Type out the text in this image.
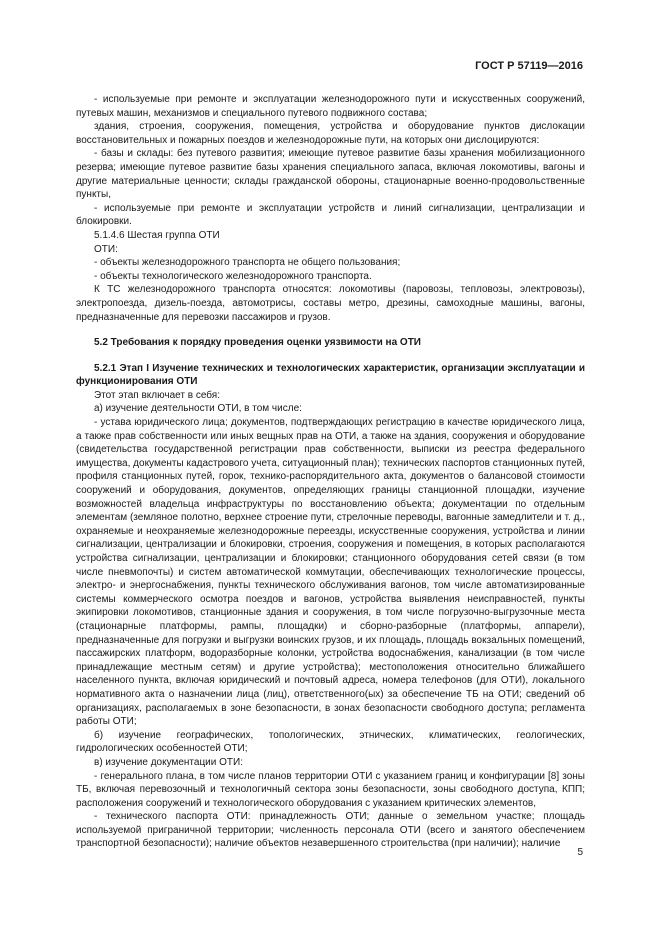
ГОСТ Р 57119—2016

- используемые при ремонте и эксплуатации железнодорожного пути и искусственных сооружений, путевых машин, механизмов и специального путевого подвижного состава;

здания, строения, сооружения, помещения, устройства и оборудование пунктов дислокации восстановительных и пожарных поездов и железнодорожные пути, на которых они дислоцируются:

- базы и склады: без путевого развития; имеющие путевое развитие базы хранения мобилизационного резерва; имеющие путевое развитие базы хранения специального запаса, включая локомотивы, вагоны и другие материальные ценности; склады гражданской обороны, стационарные военно-продовольственные пункты,

- используемые при ремонте и эксплуатации устройств и линий сигнализации, централизации и блокировки.

5.1.4.6 Шестая группа ОТИ

ОТИ:

- объекты железнодорожного транспорта не общего пользования;

- объекты технологического железнодорожного транспорта.

К ТС железнодорожного транспорта относятся: локомотивы (паровозы, тепловозы, электровозы), электропоезда, дизель-поезда, автомотрисы, составы метро, дрезины, самоходные машины, вагоны, предназначенные для перевозки пассажиров и грузов.

5.2 Требования к порядку проведения оценки уязвимости на ОТИ

5.2.1 Этап I Изучение технических и технологических характеристик, организации эксплуатации и функционирования ОТИ

Этот этап включает в себя:

а) изучение деятельности ОТИ, в том числе:

- устава юридического лица; документов, подтверждающих регистрацию в качестве юридического лица, а также прав собственности или иных вещных прав на ОТИ, а также на здания, сооружения и оборудование (свидетельства государственной регистрации прав собственности, выписки из реестра федерального имущества, документы кадастрового учета, ситуационный план); технических паспортов станционных путей, профиля станционных путей, горок, технико-распорядительного акта, документов о балансовой стоимости сооружений и оборудования, документов, определяющих границы станционной площадки, изучение возможностей владельца инфраструктуры по восстановлению объекта; документации по отдельным элементам (земляное полотно, верхнее строение пути, стрелочные переводы, вагонные замедлители и т. д., охраняемые и неохраняемые железнодорожные переезды, искусственные сооружения, устройства и линии сигнализации, централизации и блокировки, строения, сооружения и помещения, в которых располагаются устройства сигнализации, централизации и блокировки; станционного оборудования сетей связи (в том числе пневмопочты) и систем автоматической коммутации, обеспечивающих технологические процессы, электро- и энергоснабжения, пункты технического обслуживания вагонов, том числе автоматизированные системы коммерческого осмотра поездов и вагонов, устройства выявления неисправностей, пункты экипировки локомотивов, станционные здания и сооружения, в том числе погрузочно-выгрузочные места (стационарные платформы, рампы, площадки) и сборно-разборные (платформы, аппарели), предназначенные для погрузки и выгрузки воинских грузов, и их площадь, площадь вокзальных помещений, пассажирских платформ, водоразборные колонки, устройства водоснабжения, канализации (в том числе принадлежащие местным сетям) и другие устройства); местоположения относительно ближайшего населенного пункта, включая юридический и почтовый адреса, номера телефонов (для ОТИ), локального нормативного акта о назначении лица (лиц), ответственного(ых) за обеспечение ТБ на ОТИ; сведений об организациях, располагаемых в зоне безопасности, в зонах безопасности свободного доступа; регламента работы ОТИ;

б) изучение географических, топологических, этнических, климатических, геологических, гидрологических особенностей ОТИ;

в) изучение документации ОТИ:

- генерального плана, в том числе планов территории ОТИ с указанием границ и конфигурации [8] зоны ТБ, включая перевозочный и технологичный сектора зоны безопасности, зоны свободного доступа, КПП; расположения сооружений и технологического оборудования с указанием критических элементов,

- технического паспорта ОТИ: принадлежность ОТИ; данные о земельном участке; площадь используемой приграничной территории; численность персонала ОТИ (всего и занятого обеспечением транспортной безопасности); наличие объектов незавершенного строительства (при наличии); наличие

5
